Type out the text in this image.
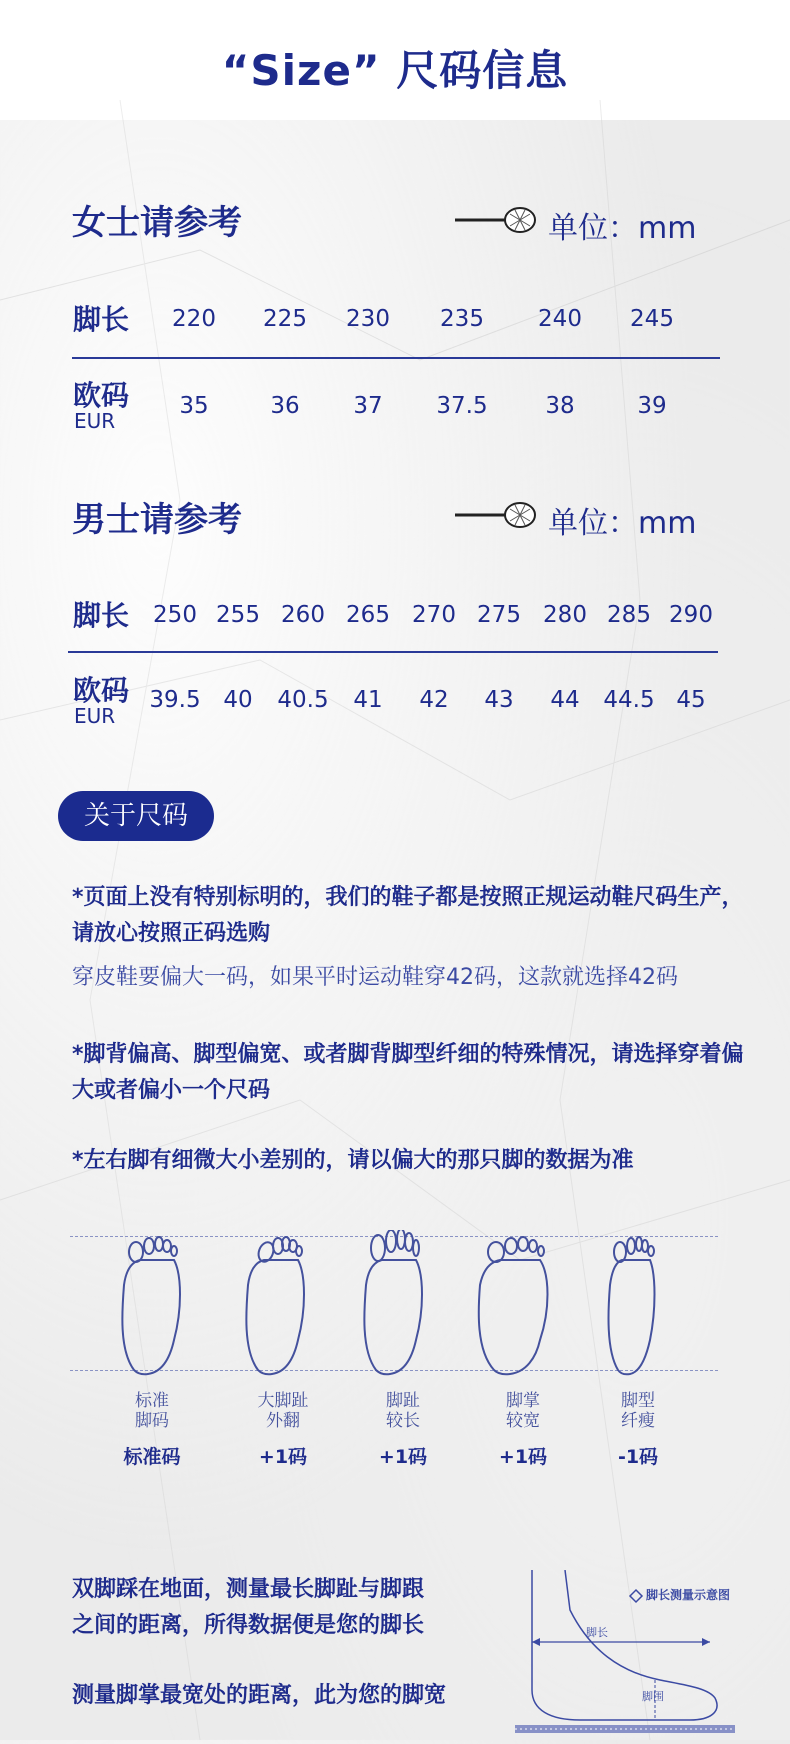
“Size” 尺码信息
女士请参考	单位：mm
脚长	220	225	230	235	240	245
欧码
EUR
35	36	37	37.5	38	39
男士请参考	单位：mm
脚长	250 255 260 265 270 275 280 285 290
欧码
EUR
39.5 40	40.5	41	42	43	44	44.5 45
关于尺码
*页面上没有特别标明的，我们的鞋子都是按照正规运动鞋尺码生产，请放心按照正码选购
穿皮鞋要偏大一码，如果平时运动鞋穿42码，这款就选择42码
*脚背偏高、脚型偏宽、或者脚背脚型纤细的特殊情况，请选择穿着偏大或者偏小一个尺码
*左右脚有细微大小差别的，请以偏大的那只脚的数据为准
标准
脚码
大脚趾
外翻
脚趾
较长
脚掌
较宽
脚型
纤瘦
标准码	+1码	+1码	+1码	-1码
双脚踩在地面，测量最长脚趾与脚跟
之间的距离，所得数据便是您的脚长
测量脚掌最宽处的距离，此为您的脚宽
脚长测量示意图
脚长
脚围
